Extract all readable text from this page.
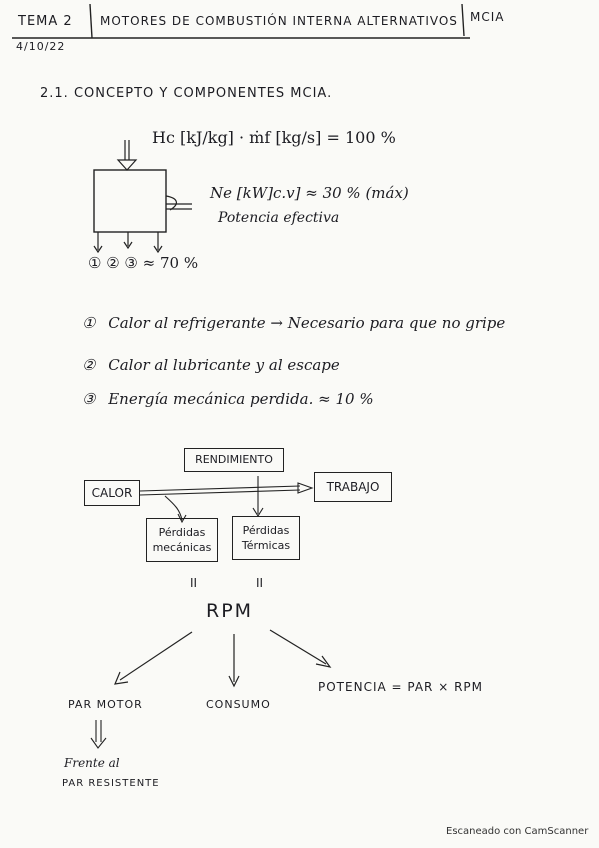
TEMA 2 MOTORES DE COMBUSTIÓN INTERNA ALTERNATIVOS MCIA
4/10/22
2.1. CONCEPTO Y COMPONENTES MCIA.
Hc [kJ/kg] · ṁf [kg/s] = 100 %
Ne [kW]c.v] ≈ 30 % (máx)
Potencia efectiva
① ② ③ ≈ 70 %
① Calor al refrigerante → Necesario para que no gripe
② Calor al lubricante y al escape
③ Energía mecánica perdida. ≈ 10 %
RENDIMIENTO
CALOR	TRABAJO
Pérdidas
mecánicas
Pérdidas
Térmicas
II	II
RPM
PAR MOTOR	CONSUMO
POTENCIA = PAR × RPM
Frente al
PAR RESISTENTE
Escaneado con CamScanner
